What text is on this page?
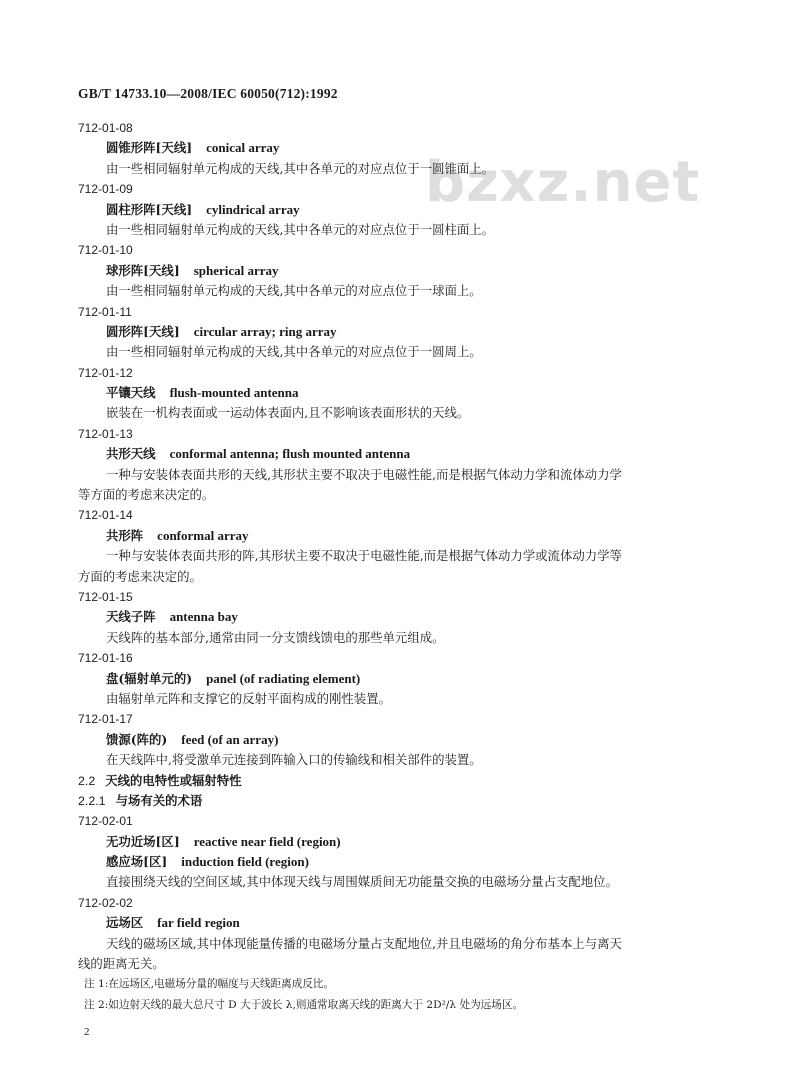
GB/T 14733.10—2008/IEC 60050(712):1992
bzxz.net
712-01-08
圆锥形阵[天线] conical array
由一些相同辐射单元构成的天线,其中各单元的对应点位于一圆锥面上。
712-01-09
圆柱形阵[天线] cylindrical array
由一些相同辐射单元构成的天线,其中各单元的对应点位于一圆柱面上。
712-01-10
球形阵[天线] spherical array
由一些相同辐射单元构成的天线,其中各单元的对应点位于一球面上。
712-01-11
圆形阵[天线] circular array; ring array
由一些相同辐射单元构成的天线,其中各单元的对应点位于一圆周上。
712-01-12
平镶天线 flush-mounted antenna
嵌装在一机构表面或一运动体表面内,且不影响该表面形状的天线。
712-01-13
共形天线 conformal antenna; flush mounted antenna
一种与安装体表面共形的天线,其形状主要不取决于电磁性能,而是根据气体动力学和流体动力学
等方面的考虑来决定的。
712-01-14
共形阵 conformal array
一种与安装体表面共形的阵,其形状主要不取决于电磁性能,而是根据气体动力学或流体动力学等
方面的考虑来决定的。
712-01-15
天线子阵 antenna bay
天线阵的基本部分,通常由同一分支馈线馈电的那些单元组成。
712-01-16
盘(辐射单元的) panel (of radiating element)
由辐射单元阵和支撑它的反射平面构成的刚性装置。
712-01-17
馈源(阵的) feed (of an array)
在天线阵中,将受激单元连接到阵输入口的传输线和相关部件的装置。
2.2 天线的电特性或辐射特性
2.2.1 与场有关的术语
712-02-01
无功近场[区] reactive near field (region)
感应场[区] induction field (region)
直接围绕天线的空间区域,其中体现天线与周围媒质间无功能量交换的电磁场分量占支配地位。
712-02-02
远场区 far field region
天线的磁场区域,其中体现能量传播的电磁场分量占支配地位,并且电磁场的角分布基本上与离天
线的距离无关。
注 1:在远场区,电磁场分量的幅度与天线距离成反比。
注 2:如边射天线的最大总尺寸 D 大于波长 λ,则通常取离天线的距离大于 2D²/λ 处为远场区。
2
